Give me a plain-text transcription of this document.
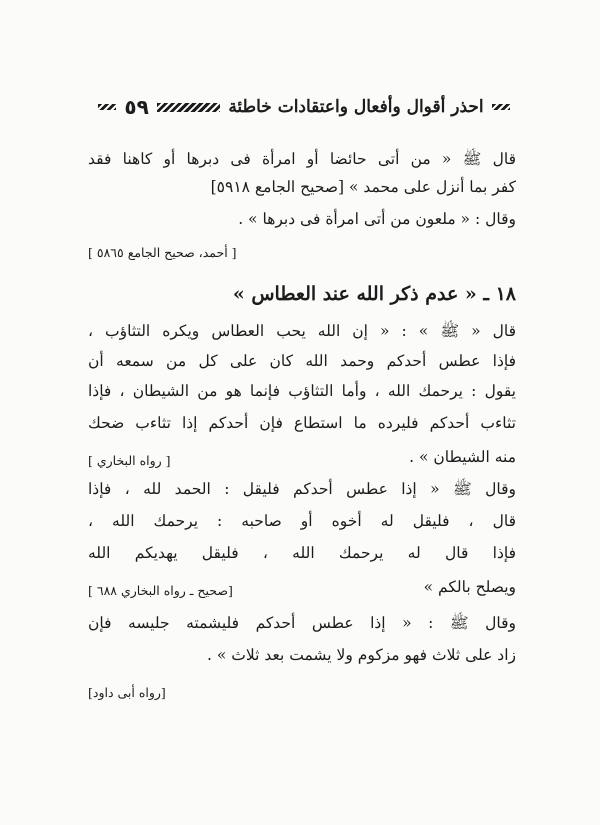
احذر أقوال وأفعال واعتقادات خاطئة
٥٩
قال ﷺ « من أتى حائضا أو امرأة فى دبرها أو كاهنا فقد
كفر بما أنزل على محمد » [صحيح الجامع ٥٩١٨]
وقال : « ملعون من أتى امرأة فى دبرها » .
[ أحمد، صحيح الجامع ٥٨٦٥ ]
١٨ ـ « عدم ذكر الله عند العطاس »
قال « ﷺ » : « إن الله يحب العطاس ويكره التثاؤب ،
فإذا عطس أحدكم وحمد الله كان على كل من سمعه أن
يقول : يرحمك الله ، وأما التثاؤب فإنما هو من الشيطان ، فإذا
تثاءب أحدكم فليرده ما استطاع فإن أحدكم إذا تثاءب ضحك
منه الشيطان » .
[ رواه البخاري ]
وقال ﷺ « إذا عطس أحدكم فليقل : الحمد لله ، فإذا
قال ، فليقل له أخوه أو صاحبه : يرحمك الله ،
فإذا قال له يرحمك الله ، فليقل يهديكم الله
ويصلح بالكم »
[صحيح ـ رواه البخاري ٦٨٨ ]
وقال ﷺ : « إذا عطس أحدكم فليشمته جليسه فإن
زاد على ثلاث فهو مزكوم ولا يشمت بعد ثلاث » .
[رواه أبى داود]
